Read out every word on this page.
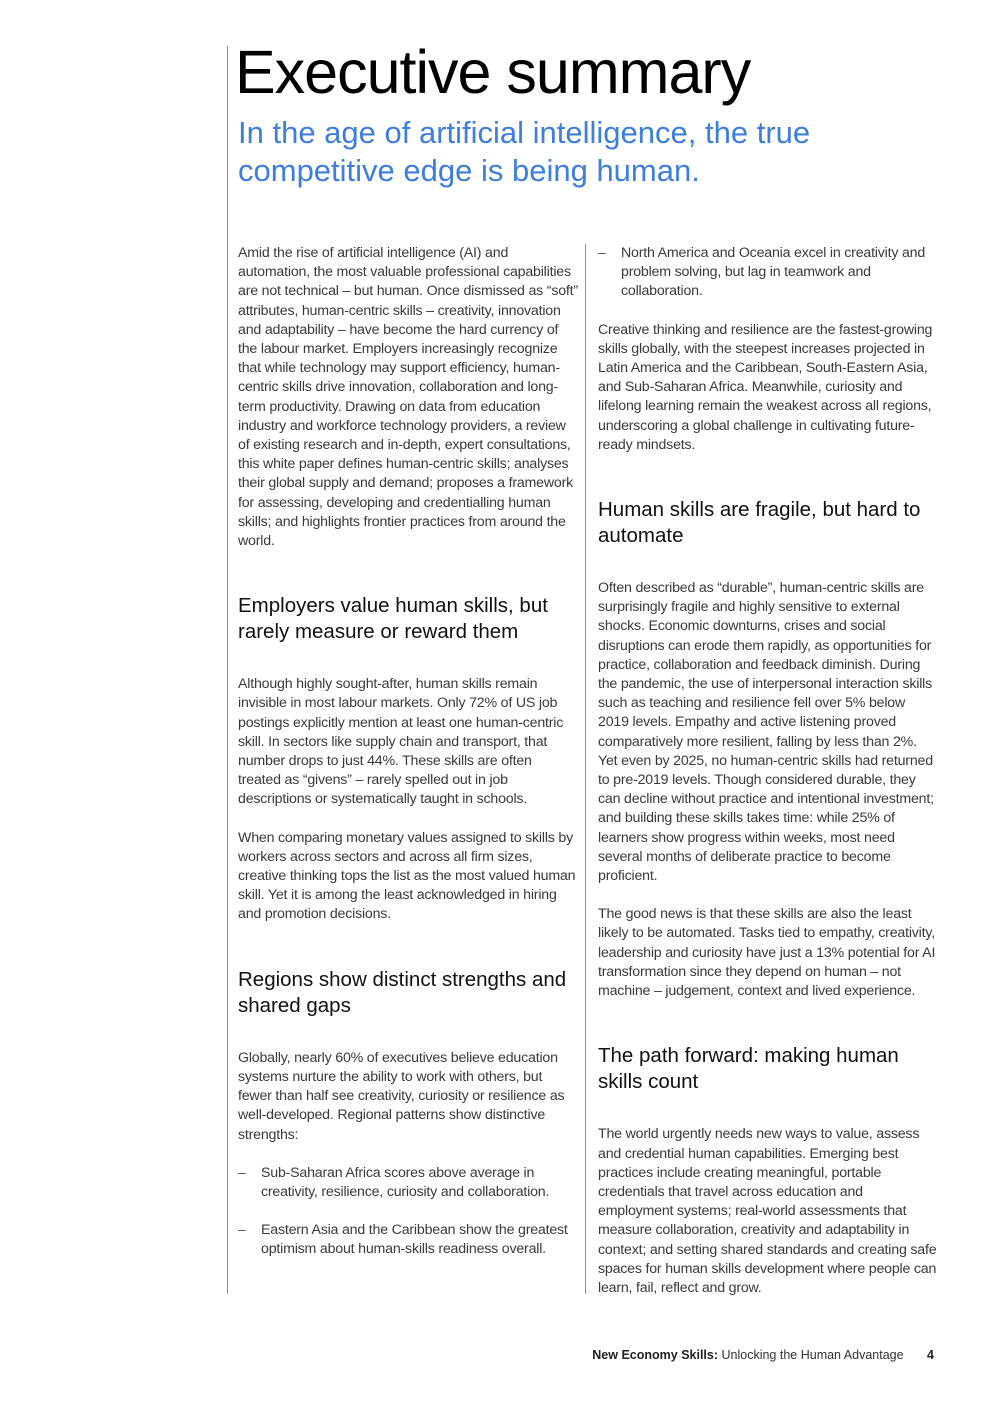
Executive summary
In the age of artificial intelligence, the true competitive edge is being human.

Amid the rise of artificial intelligence (AI) and automation, the most valuable professional capabilities are not technical – but human. Once dismissed as “soft” attributes, human-centric skills – creativity, innovation and adaptability – have become the hard currency of the labour market. Employers increasingly recognize that while technology may support efficiency, human-centric skills drive innovation, collaboration and long-term productivity. Drawing on data from education industry and workforce technology providers, a review of existing research and in-depth, expert consultations, this white paper defines human-centric skills; analyses their global supply and demand; proposes a framework for assessing, developing and credentialling human skills; and highlights frontier practices from around the world.

Employers value human skills, but rarely measure or reward them

Although highly sought-after, human skills remain invisible in most labour markets. Only 72% of US job postings explicitly mention at least one human-centric skill. In sectors like supply chain and transport, that number drops to just 44%. These skills are often treated as “givens” – rarely spelled out in job descriptions or systematically taught in schools.

When comparing monetary values assigned to skills by workers across sectors and across all firm sizes, creative thinking tops the list as the most valued human skill. Yet it is among the least acknowledged in hiring and promotion decisions.

Regions show distinct strengths and shared gaps

Globally, nearly 60% of executives believe education systems nurture the ability to work with others, but fewer than half see creativity, curiosity or resilience as well-developed. Regional patterns show distinctive strengths:

– Sub-Saharan Africa scores above average in creativity, resilience, curiosity and collaboration.

– Eastern Asia and the Caribbean show the greatest optimism about human-skills readiness overall.

– North America and Oceania excel in creativity and problem solving, but lag in teamwork and collaboration.

Creative thinking and resilience are the fastest-growing skills globally, with the steepest increases projected in Latin America and the Caribbean, South-Eastern Asia, and Sub-Saharan Africa. Meanwhile, curiosity and lifelong learning remain the weakest across all regions, underscoring a global challenge in cultivating future-ready mindsets.

Human skills are fragile, but hard to automate

Often described as “durable”, human-centric skills are surprisingly fragile and highly sensitive to external shocks. Economic downturns, crises and social disruptions can erode them rapidly, as opportunities for practice, collaboration and feedback diminish. During the pandemic, the use of interpersonal interaction skills such as teaching and resilience fell over 5% below 2019 levels. Empathy and active listening proved comparatively more resilient, falling by less than 2%. Yet even by 2025, no human-centric skills had returned to pre-2019 levels. Though considered durable, they can decline without practice and intentional investment; and building these skills takes time: while 25% of learners show progress within weeks, most need several months of deliberate practice to become proficient.

The good news is that these skills are also the least likely to be automated. Tasks tied to empathy, creativity, leadership and curiosity have just a 13% potential for AI transformation since they depend on human – not machine – judgement, context and lived experience.

The path forward: making human skills count

The world urgently needs new ways to value, assess and credential human capabilities. Emerging best practices include creating meaningful, portable credentials that travel across education and employment systems; real-world assessments that measure collaboration, creativity and adaptability in context; and setting shared standards and creating safe spaces for human skills development where people can learn, fail, reflect and grow.

New Economy Skills: Unlocking the Human Advantage 4
